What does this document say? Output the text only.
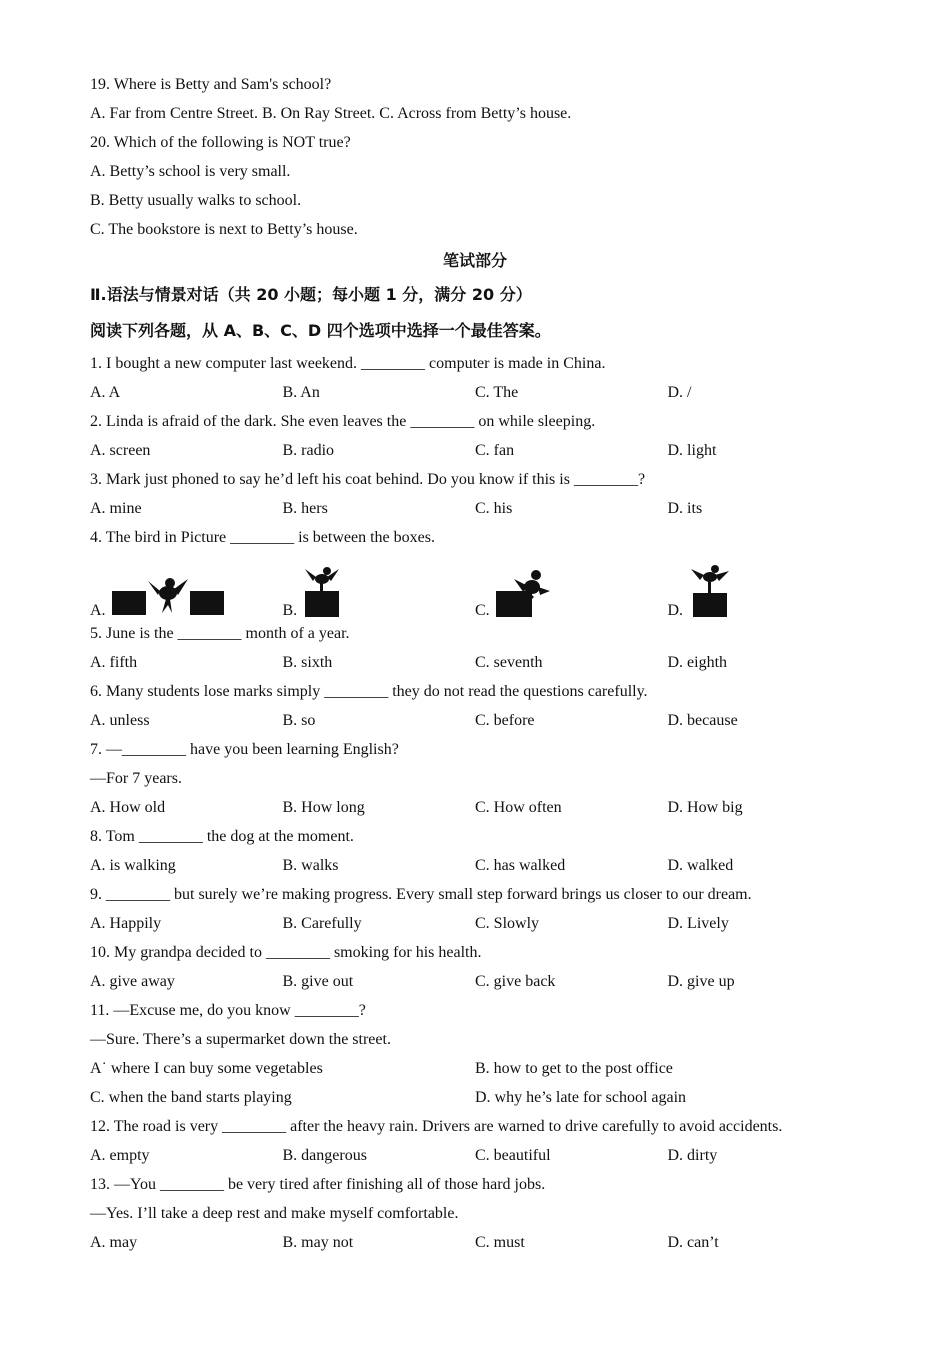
19. Where is Betty and Sam's school?
A. Far from Centre Street. B. On Ray Street. C. Across from Betty’s house.
20. Which of the following is NOT true?
A. Betty’s school is very small.
B. Betty usually walks to school.
C. The bookstore is next to Betty’s house.
笔试部分
Ⅱ.语法与情景对话（共 20 小题；每小题 1 分，满分 20 分）
阅读下列各题，从 A、B、C、D 四个选项中选择一个最佳答案。
1. I bought a new computer last weekend. ________ computer is made in China.
A. A	B. An	C. The	D. /
2. Linda is afraid of the dark. She even leaves the ________ on while sleeping.
A. screen	B. radio	C. fan	D. light
3. Mark just phoned to say he’d left his coat behind. Do you know if this is ________?
A. mine	B. hers	C. his	D. its
4. The bird in Picture ________ is between the boxes.
A.	B.	C.	D.
5. June is the ________ month of a year.
A. fifth	B. sixth	C. seventh	D. eighth
6. Many students lose marks simply ________ they do not read the questions carefully.
A. unless	B. so	C. before	D. because
7. —________ have you been learning English?
—For 7 years.
A. How old	B. How long	C. How often	D. How big
8. Tom ________ the dog at the moment.
A. is walking	B. walks	C. has walked	D. walked
9. ________ but surely we’re making progress. Every small step forward brings us closer to our dream.
A. Happily	B. Carefully	C. Slowly	D. Lively
10. My grandpa decided to ________ smoking for his health.
A. give away	B. give out	C. give back	D. give up
11. —Excuse me, do you know ________?
—Sure. There’s a supermarket down the street.
A˙ where I can buy some vegetables	B. how to get to the post office
C. when the band starts playing	D. why he’s late for school again
12. The road is very ________ after the heavy rain. Drivers are warned to drive carefully to avoid accidents.
A. empty	B. dangerous	C. beautiful	D. dirty
13. —You ________ be very tired after finishing all of those hard jobs.
—Yes. I’ll take a deep rest and make myself comfortable.
A. may	B. may not	C. must	D. can’t
